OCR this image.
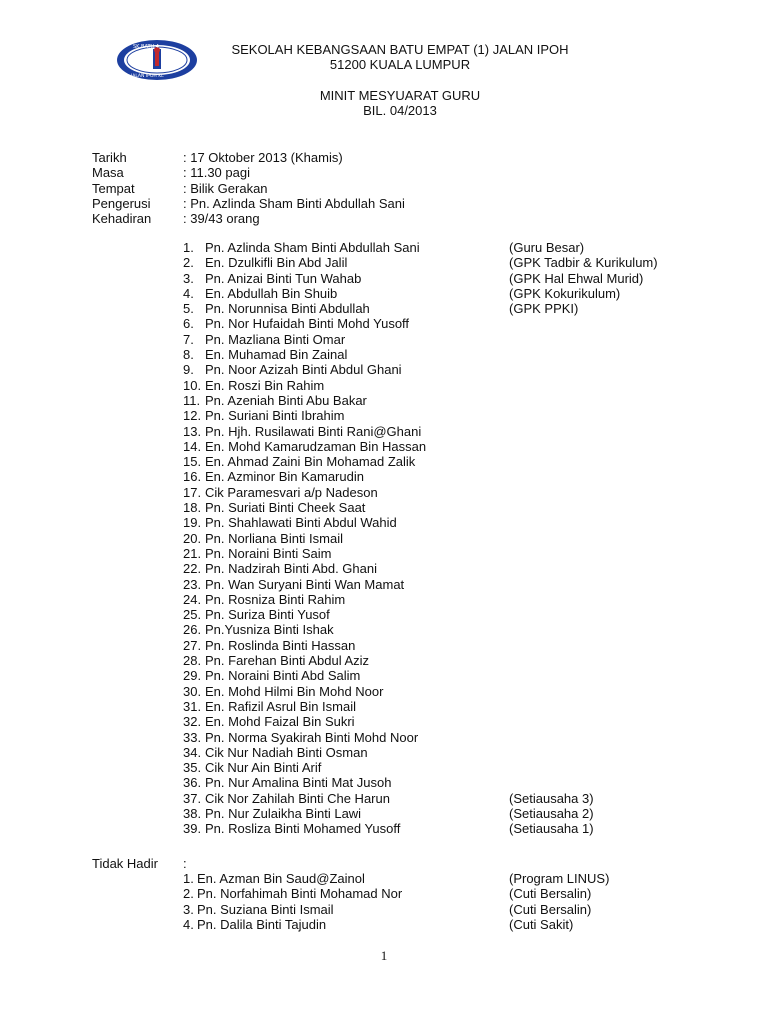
SK BATU 4
JALAN IPOH KL
SEKOLAH KEBANGSAAN BATU EMPAT (1) JALAN IPOH
51200 KUALA LUMPUR
MINIT MESYUARAT GURU
BIL. 04/2013
Tarikh	: 17 Oktober 2013 (Khamis)
Masa	: 11.30 pagi
Tempat	: Bilik Gerakan
Pengerusi : Pn. Azlinda Sham Binti Abdullah Sani
Kehadiran : 39/43 orang
1. Pn. Azlinda Sham Binti Abdullah Sani	(Guru Besar)
2. En. Dzulkifli Bin Abd Jalil	(GPK Tadbir & Kurikulum)
3. Pn. Anizai Binti Tun Wahab	(GPK Hal Ehwal Murid)
4. En. Abdullah Bin Shuib	(GPK Kokurikulum)
5. Pn. Norunnisa Binti Abdullah	(GPK PPKI)
6. Pn. Nor Hufaidah Binti Mohd Yusoff
7. Pn. Mazliana Binti Omar
8. En. Muhamad Bin Zainal
9. Pn. Noor Azizah Binti Abdul Ghani
10. En. Roszi Bin Rahim
11. Pn. Azeniah Binti Abu Bakar
12. Pn. Suriani Binti Ibrahim
13. Pn. Hjh. Rusilawati Binti Rani@Ghani
14. En. Mohd Kamarudzaman Bin Hassan
15. En. Ahmad Zaini Bin Mohamad Zalik
16. En. Azminor Bin Kamarudin
17. Cik Paramesvari a/p Nadeson
18. Pn. Suriati Binti Cheek Saat
19. Pn. Shahlawati Binti Abdul Wahid
20. Pn. Norliana Binti Ismail
21. Pn. Noraini Binti Saim
22. Pn. Nadzirah Binti Abd. Ghani
23. Pn. Wan Suryani Binti Wan Mamat
24. Pn. Rosniza Binti Rahim
25. Pn. Suriza Binti Yusof
26. Pn.Yusniza Binti Ishak
27. Pn. Roslinda Binti Hassan
28. Pn. Farehan Binti Abdul Aziz
29. Pn. Noraini Binti Abd Salim
30. En. Mohd Hilmi Bin Mohd Noor
31. En. Rafizil Asrul Bin Ismail
32. En. Mohd Faizal Bin Sukri
33. Pn. Norma Syakirah Binti Mohd Noor
34. Cik Nur Nadiah Binti Osman
35. Cik Nur Ain Binti Arif
36. Pn. Nur Amalina Binti Mat Jusoh
37. Cik Nor Zahilah Binti Che Harun	(Setiausaha 3)
38. Pn. Nur Zulaikha Binti Lawi	(Setiausaha 2)
39. Pn. Rosliza Binti Mohamed Yusoff	(Setiausaha 1)
Tidak Hadir :
1. En. Azman Bin Saud@Zainol	(Program LINUS)
2. Pn. Norfahimah Binti Mohamad Nor	(Cuti Bersalin)
3. Pn. Suziana Binti Ismail	(Cuti Bersalin)
4. Pn. Dalila Binti Tajudin	(Cuti Sakit)
1
